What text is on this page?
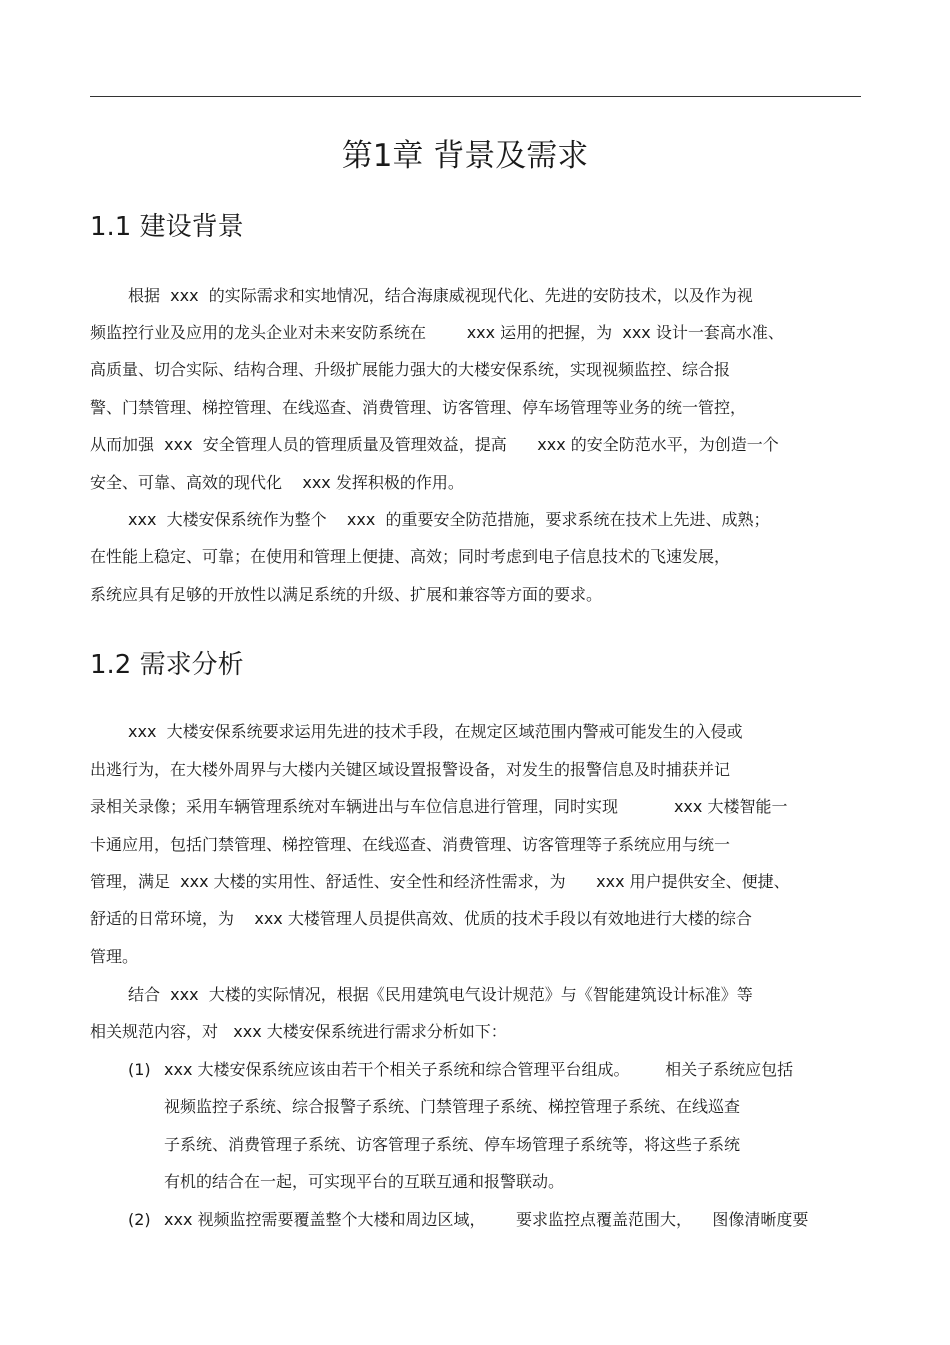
第1章 背景及需求
1.1 建设背景
根据  xxx  的实际需求和实地情况，结合海康威视现代化、先进的安防技术，以及作为视
频监控行业及应用的龙头企业对未来安防系统在        xxx 运用的把握，为  xxx 设计一套高水准、
高质量、切合实际、结构合理、升级扩展能力强大的大楼安保系统，实现视频监控、综合报
警、门禁管理、梯控管理、在线巡查、消费管理、访客管理、停车场管理等业务的统一管控，
从而加强  xxx  安全管理人员的管理质量及管理效益，提高      xxx 的安全防范水平，为创造一个
安全、可靠、高效的现代化    xxx 发挥积极的作用。
xxx  大楼安保系统作为整个    xxx  的重要安全防范措施，要求系统在技术上先进、成熟；
在性能上稳定、可靠；在使用和管理上便捷、高效；同时考虑到电子信息技术的飞速发展，
系统应具有足够的开放性以满足系统的升级、扩展和兼容等方面的要求。
1.2 需求分析
xxx  大楼安保系统要求运用先进的技术手段，在规定区域范围内警戒可能发生的入侵或
出逃行为，在大楼外周界与大楼内关键区域设置报警设备，对发生的报警信息及时捕获并记
录相关录像；采用车辆管理系统对车辆进出与车位信息进行管理，同时实现           xxx 大楼智能一
卡通应用，包括门禁管理、梯控管理、在线巡查、消费管理、访客管理等子系统应用与统一
管理，满足  xxx 大楼的实用性、舒适性、安全性和经济性需求，为      xxx 用户提供安全、便捷、
舒适的日常环境，为    xxx 大楼管理人员提供高效、优质的技术手段以有效地进行大楼的综合
管理。
结合  xxx  大楼的实际情况，根据《民用建筑电气设计规范》与《智能建筑设计标准》等
相关规范内容，对   xxx 大楼安保系统进行需求分析如下：
(1) xxx 大楼安保系统应该由若干个相关子系统和综合管理平台组成。       相关子系统应包括
视频监控子系统、综合报警子系统、门禁管理子系统、梯控管理子系统、在线巡查
子系统、消费管理子系统、访客管理子系统、停车场管理子系统等，将这些子系统
有机的结合在一起，可实现平台的互联互通和报警联动。
(2) xxx 视频监控需要覆盖整个大楼和周边区域，      要求监控点覆盖范围大，    图像清晰度要
